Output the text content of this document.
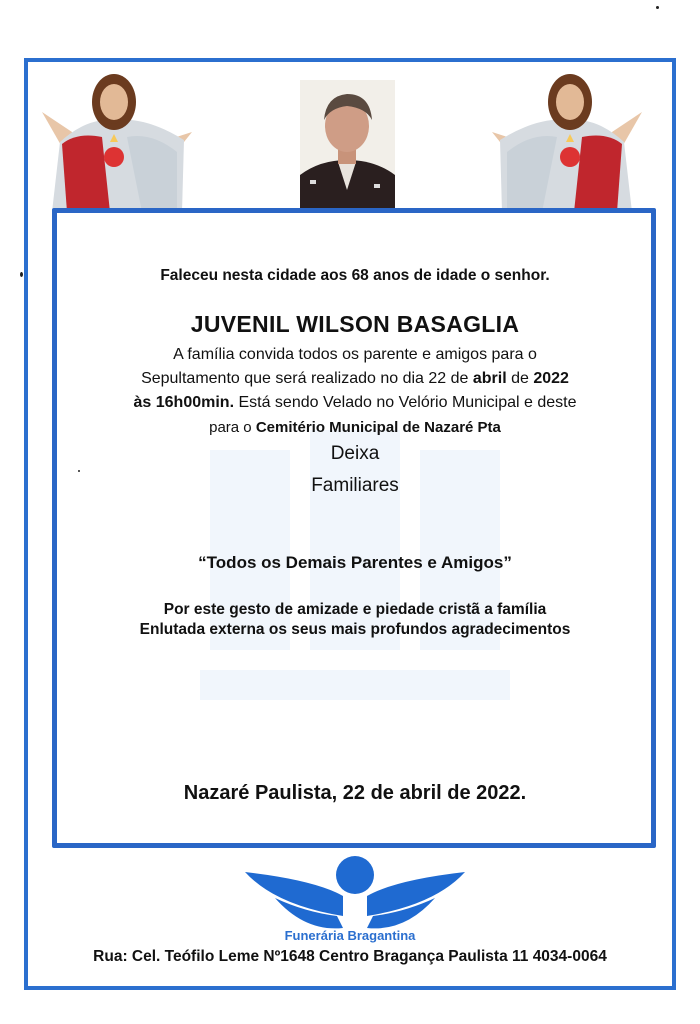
Faleceu nesta cidade aos 68 anos de idade o senhor.
JUVENIL WILSON BASAGLIA
A família convida todos os parente e amigos para o
Sepultamento que será realizado no dia 22 de abril de 2022
às 16h00min. Está sendo Velado no Velório Municipal e deste
para o Cemitério Municipal de Nazaré Pta
Deixa
Familiares
“Todos os Demais Parentes e Amigos”
Por este gesto de amizade e piedade cristã a família
Enlutada externa os seus mais profundos agradecimentos
Nazaré Paulista, 22 de abril de 2022.
Funerária Bragantina
Rua: Cel. Teófilo Leme Nº1648 Centro Bragança Paulista 11 4034-0064
